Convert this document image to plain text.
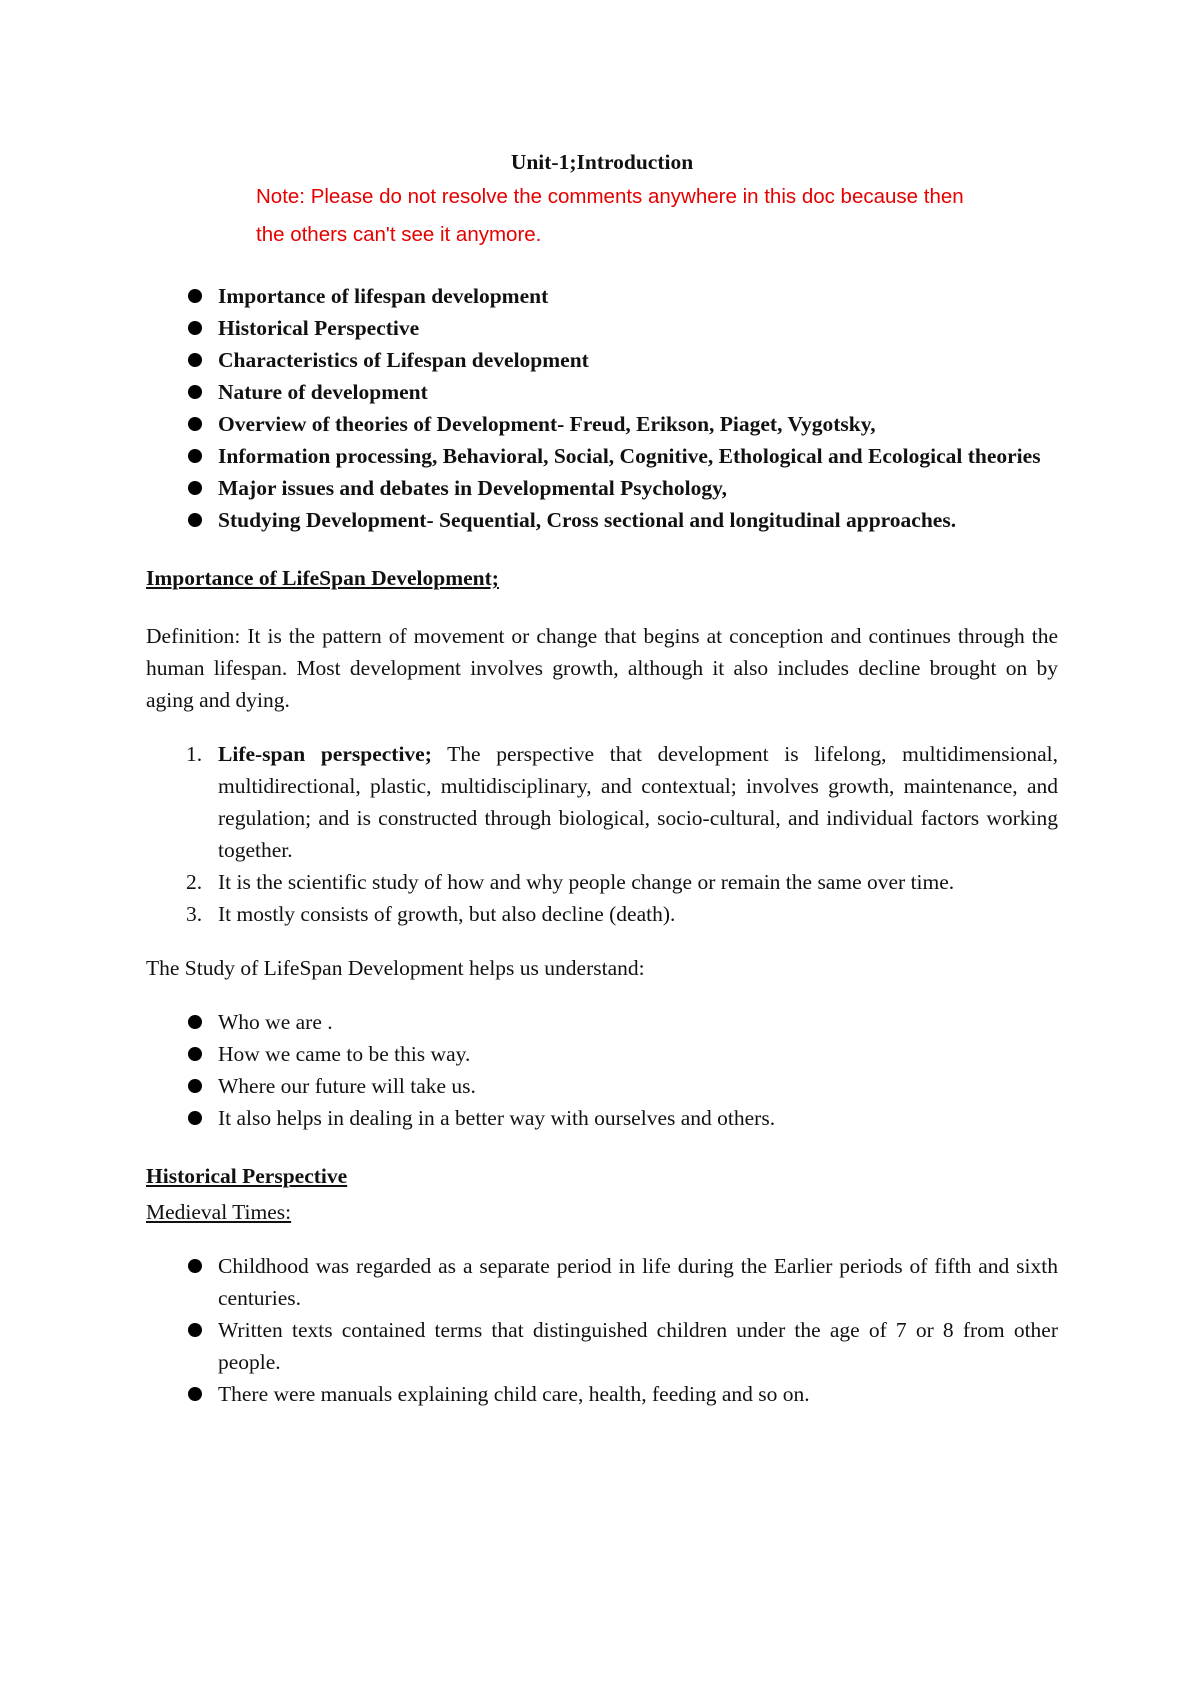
Unit-1;Introduction

Note: Please do not resolve the comments anywhere in this doc because then

the others can't see it anymore.

Importance of lifespan development
Historical Perspective
Characteristics of Lifespan development
Nature of development
Overview of theories of Development- Freud, Erikson, Piaget, Vygotsky,
Information processing, Behavioral, Social, Cognitive, Ethological and Ecological theories
Major issues and debates in Developmental Psychology,
Studying Development- Sequential, Cross sectional and longitudinal approaches.

Importance of LifeSpan Development;

Definition: It is the pattern of movement or change that begins at conception and continues through the human lifespan. Most development involves growth, although it also includes decline brought on by aging and dying.

1. Life-span perspective; The perspective that development is lifelong, multidimensional, multidirectional, plastic, multidisciplinary, and contextual; involves growth, maintenance, and regulation; and is constructed through biological, socio-cultural, and individual factors working together.
2. It is the scientific study of how and why people change or remain the same over time.
3. It mostly consists of growth, but also decline (death).

The Study of LifeSpan Development helps us understand:

Who we are .
How we came to be this way.
Where our future will take us.
It also helps in dealing in a better way with ourselves and others.

Historical Perspective

Medieval Times:

Childhood was regarded as a separate period in life during the Earlier periods of fifth and sixth centuries.
Written texts contained terms that distinguished children under the age of 7 or 8 from other people.
There were manuals explaining child care, health, feeding and so on.
